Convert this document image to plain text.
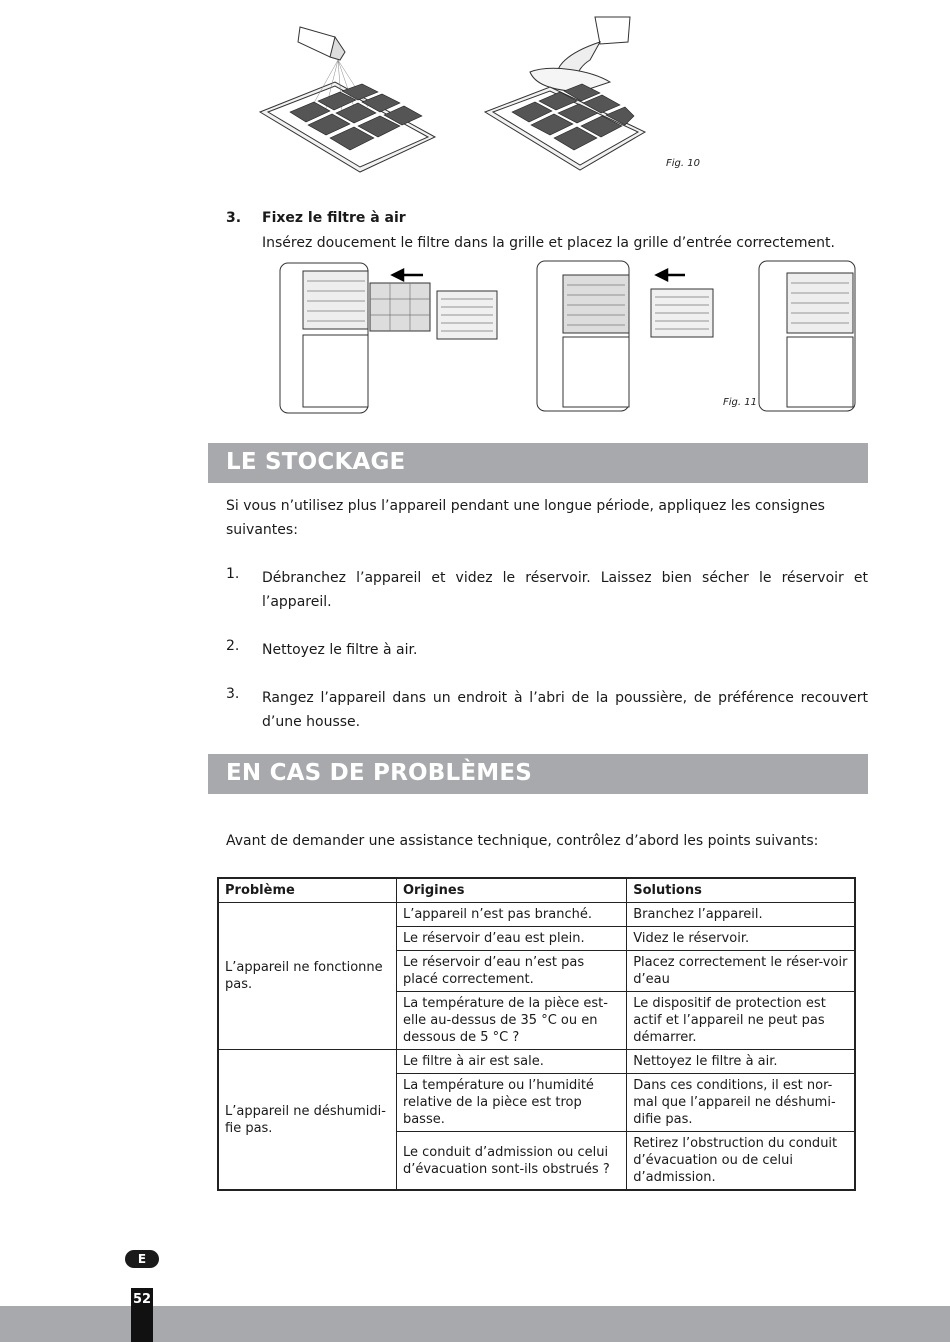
Fig. 10
3. Fixez le filtre à air
Insérez doucement le filtre dans la grille et placez la grille d’entrée correctement.
Fig. 11
LE STOCKAGE
Si vous n’utilisez plus l’appareil pendant une longue période, appliquez les consignes suivantes:
1. Débranchez l’appareil et videz le réservoir. Laissez bien sécher le réservoir et l’appareil.
2. Nettoyez le filtre à air.
3. Rangez l’appareil dans un endroit à l’abri de la poussière, de préférence recouvert d’une housse.
EN CAS DE PROBLÈMES
Avant de demander une assistance technique, contrôlez d’abord les points suivants:
Problème	Origines	Solutions
L’appareil ne fonctionne pas.	L’appareil n’est pas branché.	Branchez l’appareil.
	Le réservoir d’eau est plein.	Videz le réservoir.
	Le réservoir d’eau n’est pas placé correctement.	Placez correctement le réser-voir d’eau
	La température de la pièce est-elle au-dessus de 35 °C ou en dessous de 5 °C ?	Le dispositif de protection est actif et l’appareil ne peut pas démarrer.
L’appareil ne déshumidi-fie pas.	Le filtre à air est sale.	Nettoyez le filtre à air.
	La température ou l’humidité relative de la pièce est trop basse.	Dans ces conditions, il est nor-mal que l’appareil ne déshumi-difie pas.
	Le conduit d’admission ou celui d’évacuation sont-ils obstrués ?	Retirez l’obstruction du conduit d’évacuation ou de celui d’admission.
E
52
